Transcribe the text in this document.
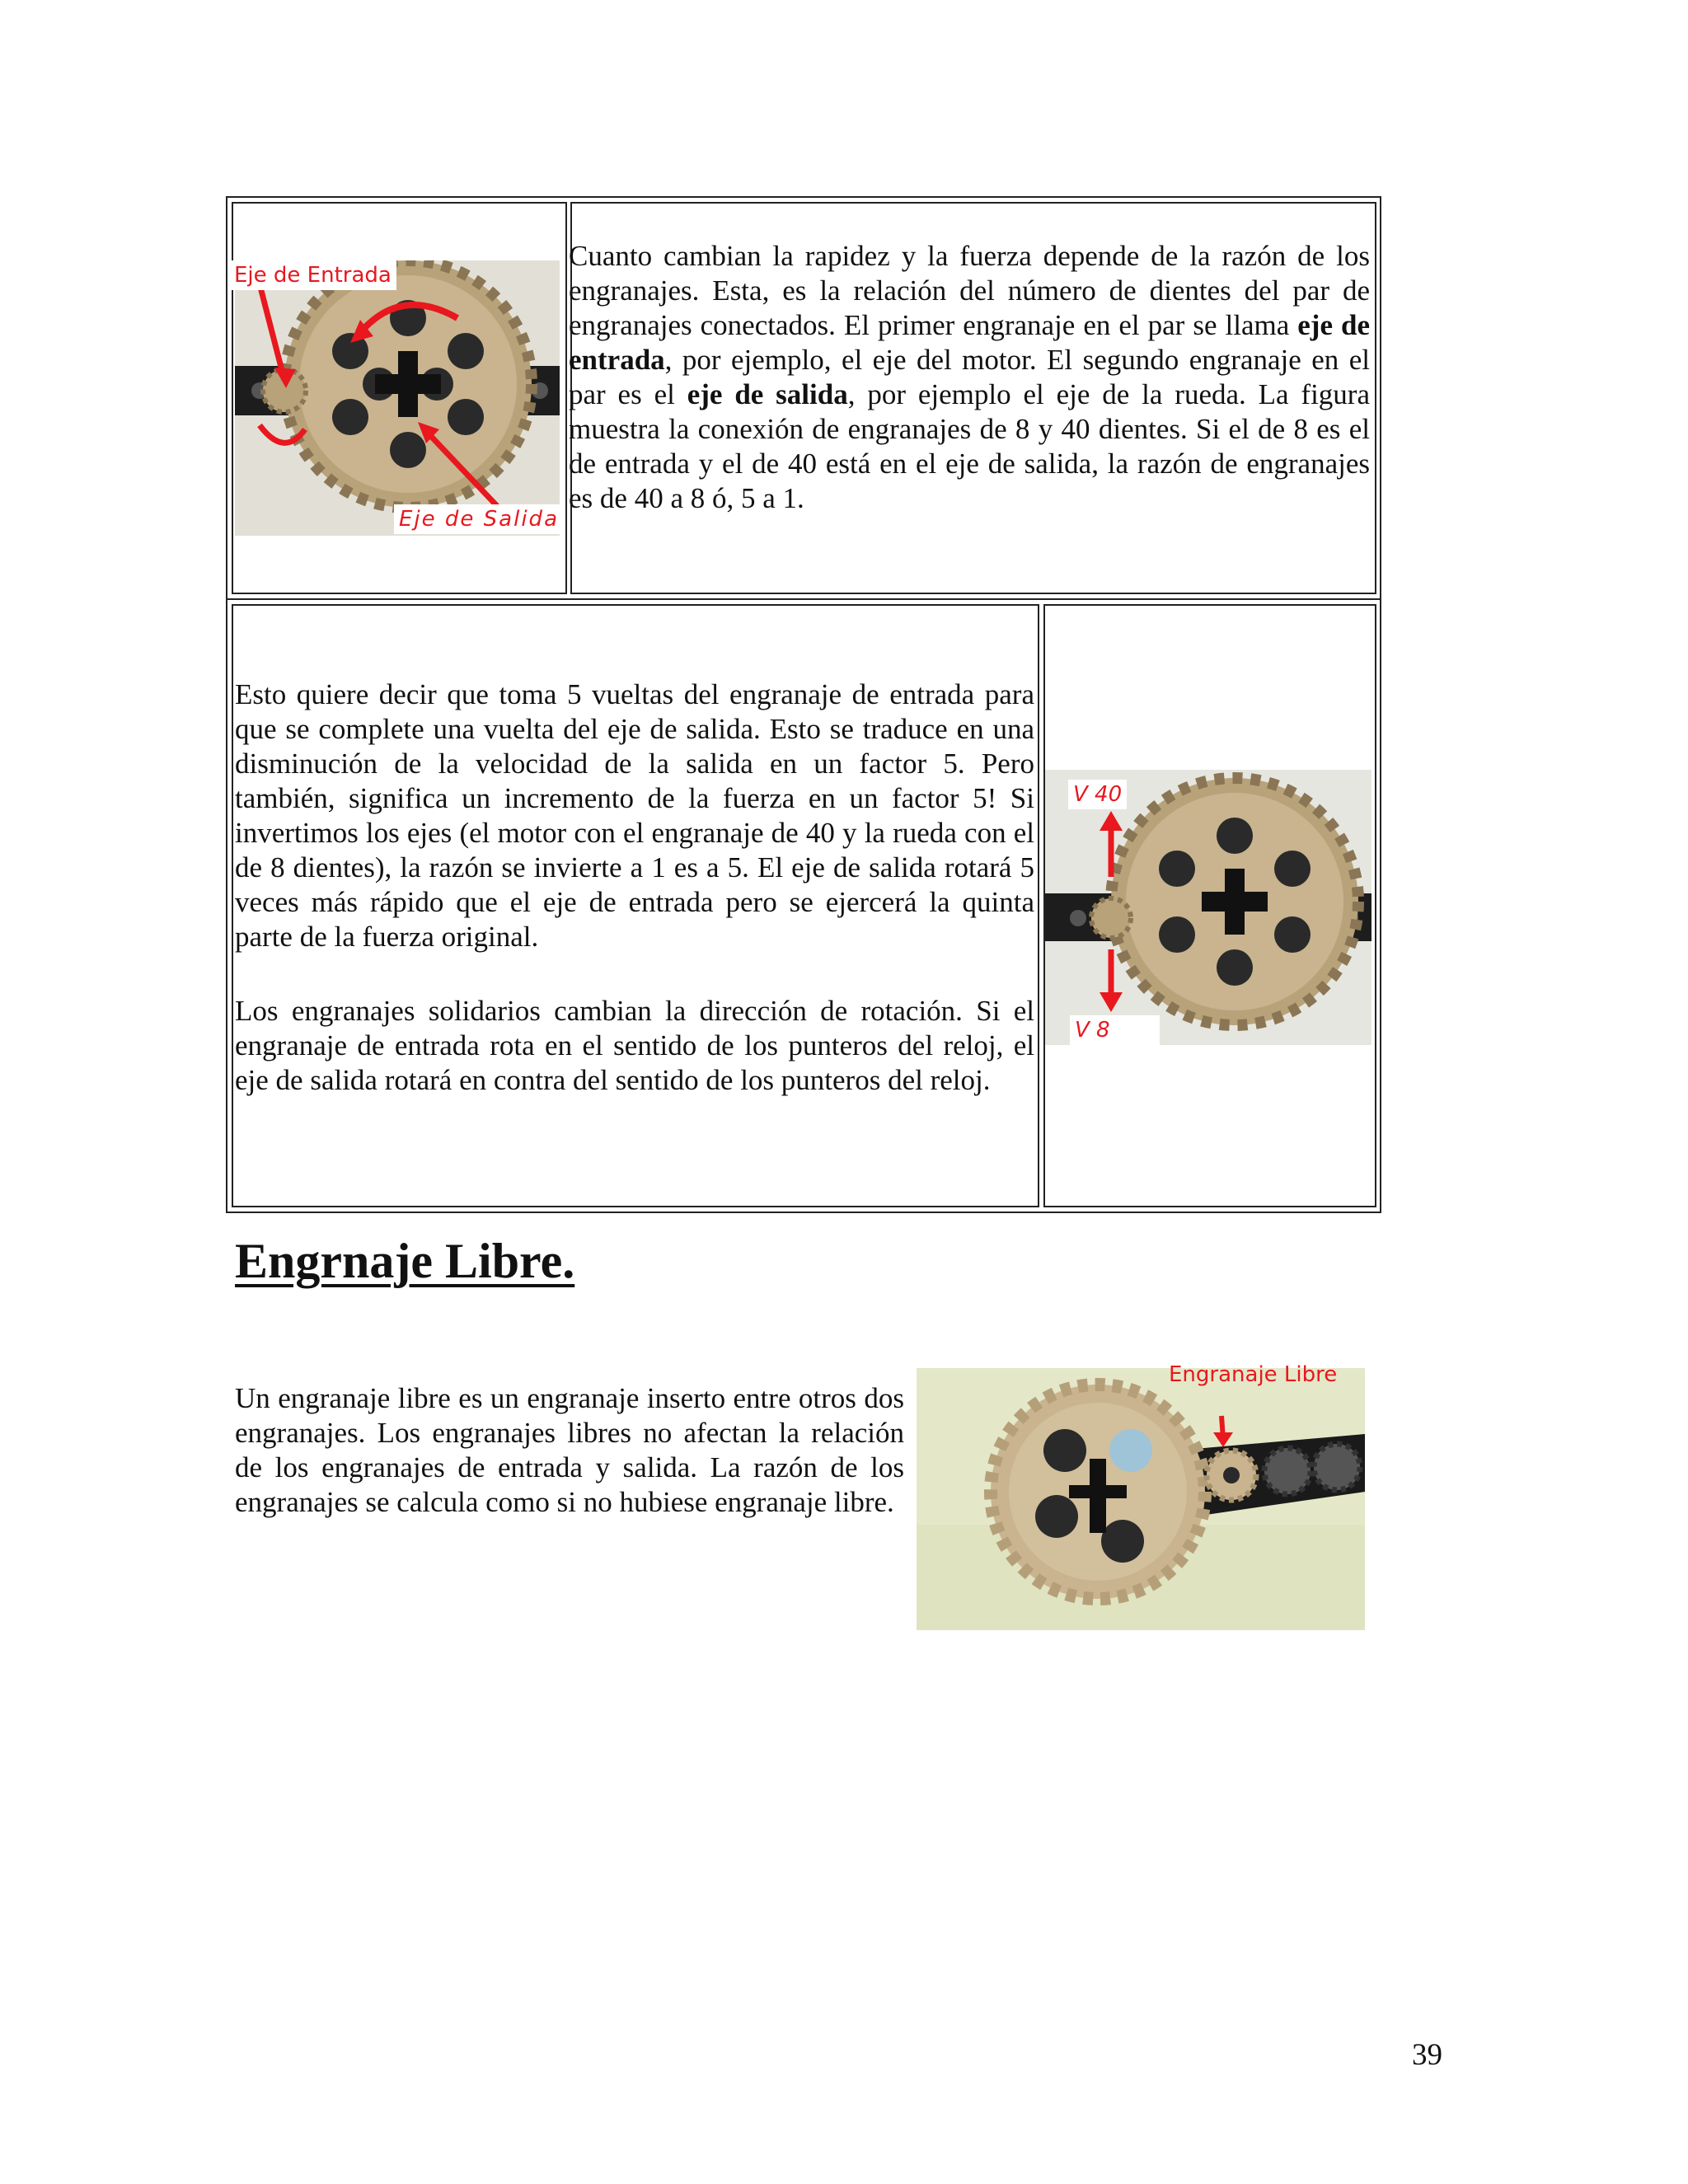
Eje de Entrada
Eje de Salida

Cuanto cambian la rapidez y la fuerza depende de la razón de los engranajes. Esta, es la relación del número de dientes del par de engranajes conectados. El primer engranaje en el par se llama eje de entrada, por ejemplo, el eje del motor. El segundo engranaje en el par es el eje de salida, por ejemplo el eje de la rueda. La figura muestra la conexión de engranajes de 8 y 40 dientes. Si el de 8 es el de entrada y el de 40 está en el eje de salida, la razón de engranajes es de 40 a 8 ó, 5 a 1.

Esto quiere decir que toma 5 vueltas del engranaje de entrada para que se complete una vuelta del eje de salida. Esto se traduce en una disminución de la velocidad de la salida en un factor 5. Pero también, significa un incremento de la fuerza en un factor 5! Si invertimos los ejes (el motor con el engranaje de 40 y la rueda con el de 8 dientes), la razón se invierte a 1 es a 5. El eje de salida rotará 5 veces más rápido que el eje de entrada pero se ejercerá la quinta parte de la fuerza original.

Los engranajes solidarios cambian la dirección de rotación. Si el engranaje de entrada rota en el sentido de los punteros del reloj, el eje de salida rotará en contra del sentido de los punteros del reloj.

V 40
V 8
Engrnaje Libre.

Un engranaje libre es un engranaje inserto entre otros dos engranajes. Los engranajes libres no afectan la relación de los engranajes de entrada y salida. La razón de los engranajes se calcula como si no hubiese engranaje libre.

Engranaje Libre
39
